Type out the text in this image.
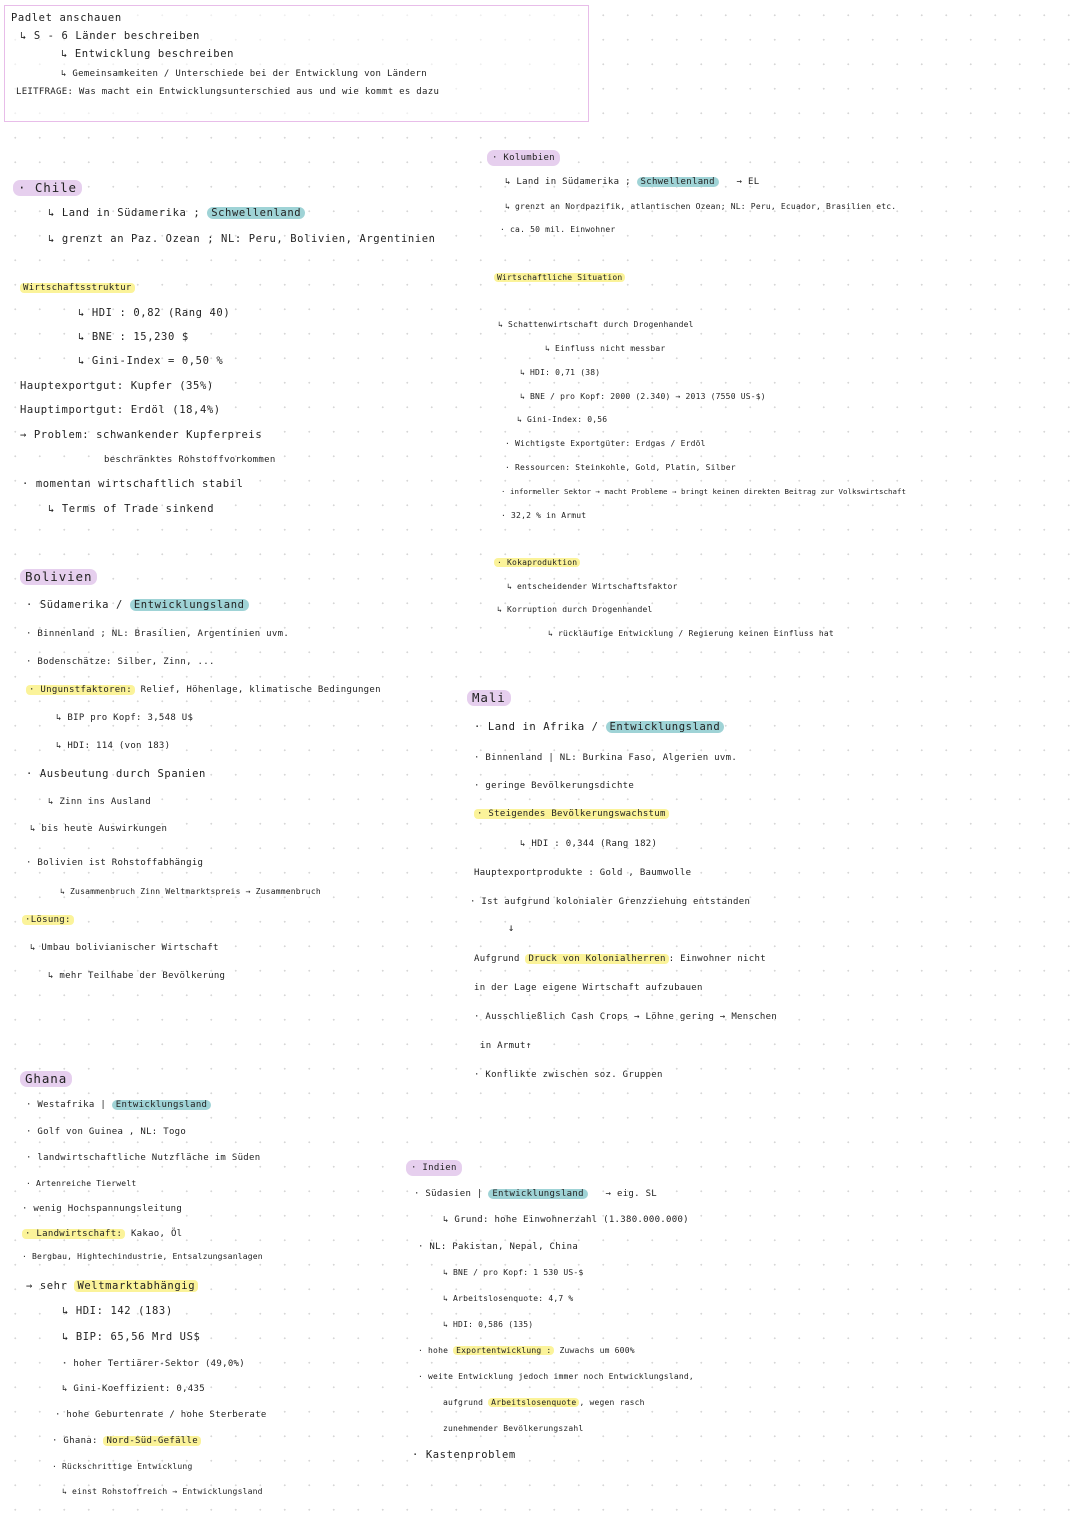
Padlet anschauen
↳ S - 6 Länder beschreiben
↳ Entwicklung beschreiben
↳ Gemeinsamkeiten / Unterschiede bei der Entwicklung von Ländern
LEITFRAGE: Was macht ein Entwicklungsunterschied aus und wie kommt es dazu
· Chile
↳ Land in Südamerika ; Schwellenland
↳ grenzt an Paz. Ozean ; NL: Peru, Bolivien, Argentinien
Wirtschaftsstruktur
↳ HDI : 0,82 (Rang 40)
↳ BNE : 15,230 $
↳ Gini-Index = 0,50 %
Hauptexportgut: Kupfer (35%)
Hauptimportgut: Erdöl (18,4%)
→ Problem: schwankender Kupferpreis
beschränktes Rohstoffvorkommen
· momentan wirtschaftlich stabil
↳ Terms of Trade sinkend
Bolivien
· Südamerika / Entwicklungsland
· Binnenland ; NL: Brasilien, Argentinien uvm.
· Bodenschätze: Silber, Zinn, ...
· Ungunstfaktoren: Relief, Höhenlage, klimatische Bedingungen
↳ BIP pro Kopf: 3,548 U$
↳ HDI: 114 (von 183)
· Ausbeutung durch Spanien
↳ Zinn ins Ausland
↳ bis heute Auswirkungen
· Bolivien ist Rohstoffabhängig
↳ Zusammenbruch Zinn Weltmarktspreis → Zusammenbruch
·Lösung:
↳ Umbau bolivianischer Wirtschaft
↳ mehr Teilhabe der Bevölkerung
Ghana
· Westafrika | Entwicklungsland
· Golf von Guinea , NL: Togo
· landwirtschaftliche Nutzfläche im Süden
· Artenreiche Tierwelt
· wenig Hochspannungsleitung
· Landwirtschaft: Kakao, Öl
· Bergbau, Hightechindustrie, Entsalzungsanlagen
→ sehr Weltmarktabhängig
↳ HDI: 142 (183)
↳ BIP: 65,56 Mrd US$
· hoher Tertiärer-Sektor (49,0%)
↳ Gini-Koeffizient: 0,435
· hohe Geburtenrate / hohe Sterberate
· Ghana: Nord-Süd-Gefälle
· Rückschrittige Entwicklung
↳ einst Rohstoffreich → Entwicklungsland
· Kolumbien
↳ Land in Südamerika ; Schwellenland → EL
↳ grenzt an Nordpazifik, atlantischen Ozean; NL: Peru, Ecuador, Brasilien etc.
· ca. 50 mil. Einwohner
Wirtschaftliche Situation
↳ Schattenwirtschaft durch Drogenhandel
↳ Einfluss nicht messbar
↳ HDI: 0,71 (38)
↳ BNE / pro Kopf: 2000 (2.340) → 2013 (7550 US-$)
↳ Gini-Index: 0,56
· Wichtigste Exportgüter: Erdgas / Erdöl
· Ressourcen: Steinkohle, Gold, Platin, Silber
· informeller Sektor → macht Probleme ⇒ bringt keinen direkten Beitrag zur Volkswirtschaft
· 32,2 % in Armut
· Kokaproduktion
↳ entscheidender Wirtschaftsfaktor
↳ Korruption durch Drogenhandel
↳ rückläufige Entwicklung / Regierung keinen Einfluss hat
Mali
· Land in Afrika / Entwicklungsland
· Binnenland | NL: Burkina Faso, Algerien uvm.
· geringe Bevölkerungsdichte
· Steigendes Bevölkerungswachstum
↳ HDI : 0,344 (Rang 182)
Hauptexportprodukte : Gold , Baumwolle
· Ist aufgrund kolonialer Grenzziehung entstanden
↓
Aufgrund Druck von Kolonialherren : Einwohner nicht
in der Lage eigene Wirtschaft aufzubauen
· Ausschließlich Cash Crops → Löhne gering → Menschen
in Armut↑
· Konflikte zwischen soz. Gruppen
· Indien
· Südasien | Entwicklungsland → eig. SL
↳ Grund: hohe Einwohnerzahl (1.380.000.000)
· NL: Pakistan, Nepal, China
↳ BNE / pro Kopf: 1 530 US-$
↳ Arbeitslosenquote: 4,7 %
↳ HDI: 0,586 (135)
· hohe Exportentwicklung : Zuwachs um 600%
· weite Entwicklung jedoch immer noch Entwicklungsland,
aufgrund Arbeitslosenquote , wegen rasch
zunehmender Bevölkerungszahl
· Kastenproblem
